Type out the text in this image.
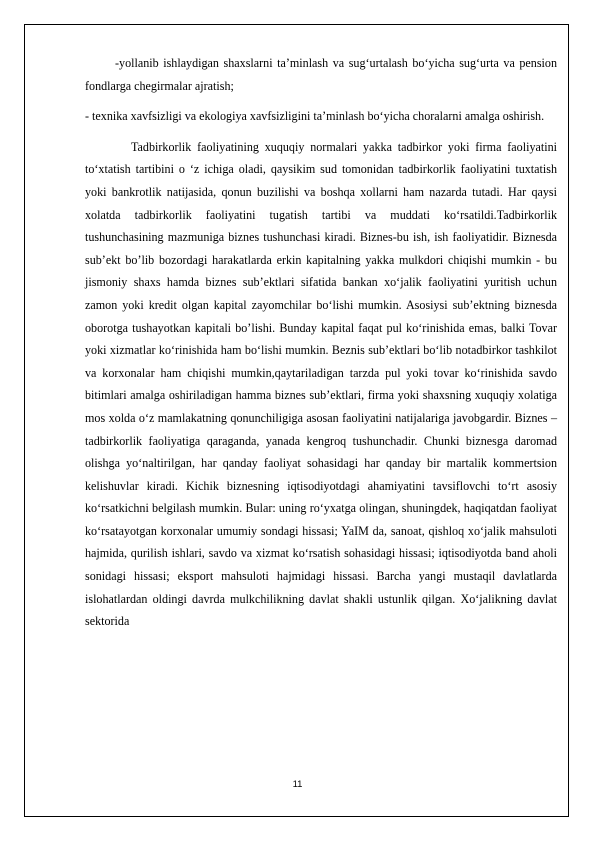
-yollanib ishlaydigan shaxslarni ta’minlash va sug‘urtalash bo‘yicha sug‘urta va pension fondlarga chegirmalar ajratish;

- texnika xavfsizligi va ekologiya xavfsizligini ta’minlash bo‘yicha choralarni amalga oshirish.

Tadbirkorlik faoliyatining xuquqiy normalari yakka tadbirkor yoki firma faoliyatini to‘xtatish tartibini o ‘z ichiga oladi, qaysikim sud tomonidan tadbirkorlik faoliyatini tuxtatish yoki bankrotlik natijasida, qonun buzilishi va boshqa xollarni ham nazarda tutadi. Har qaysi xolatda tadbirkorlik faoliyatini tugatish tartibi va muddati ko‘rsatildi.Tadbirkorlik tushunchasining mazmuniga biznes tushunchasi kiradi. Biznes-bu ish, ish faoliyatidir. Biznesda sub’ekt bo’lib bozordagi harakatlarda erkin kapitalning yakka mulkdori chiqishi mumkin - bu jismoniy shaxs hamda biznes sub’ektlari sifatida bankan xo‘jalik faoliyatini yuritish uchun zamon yoki kredit olgan kapital zayomchilar bo‘lishi mumkin. Asosiysi sub’ektning biznesda oborotga tushayotkan kapitali bo’lishi. Bunday kapital faqat pul ko‘rinishida emas, balki Tovar yoki xizmatlar ko‘rinishida ham bo‘lishi mumkin. Beznis sub’ektlari bo‘lib notadbirkor tashkilot va korxonalar ham chiqishi mumkin,qaytariladigan tarzda pul yoki tovar ko‘rinishida savdo bitimlari amalga oshiriladigan hamma biznes sub’ektlari, firma yoki shaxsning xuquqiy xolatiga mos xolda o‘z mamlakatning qonunchiligiga asosan faoliyatini natijalariga javobgardir. Biznes – tadbirkorlik faoliyatiga qaraganda, yanada kengroq tushunchadir. Chunki biznesga daromad olishga yo‘naltirilgan, har qanday faoliyat sohasidagi har qanday bir martalik kommertsion kelishuvlar kiradi. Kichik biznesning iqtisodiyotdagi ahamiyatini tavsiflovchi to‘rt asosiy ko‘rsatkichni belgilash mumkin. Bular: uning ro‘yxatga olingan, shuningdek, haqiqatdan faoliyat ko‘rsatayotgan korxonalar umumiy sondagi hissasi; YaIM da, sanoat, qishloq xo‘jalik mahsuloti hajmida, qurilish ishlari, savdo va xizmat ko‘rsatish sohasidagi hissasi; iqtisodiyotda band aholi sonidagi hissasi; eksport mahsuloti hajmidagi hissasi. Barcha yangi mustaqil davlatlarda islohatlardan oldingi davrda mulkchilikning davlat shakli ustunlik qilgan. Xo‘jalikning davlat sektorida

11
